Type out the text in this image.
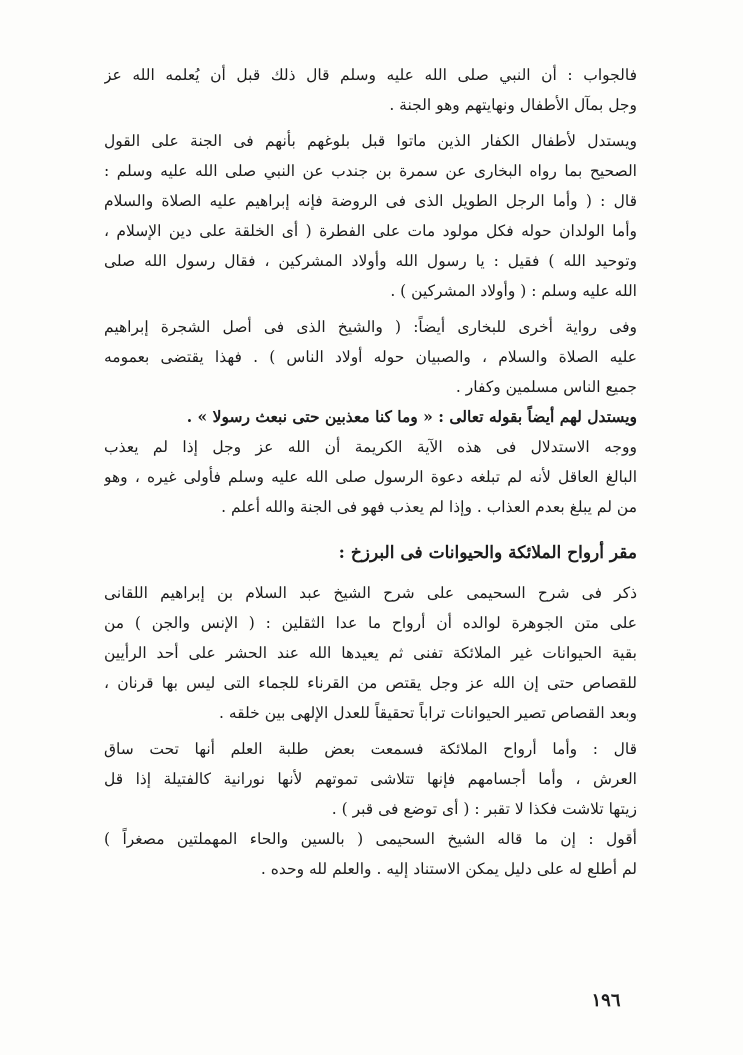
فالجواب : أن النبي صلى الله عليه وسلم قال ذلك قبل أن يُعلمه الله عز
وجل بمآل الأطفال ونهايتهم وهو الجنة .
ويستدل لأطفال الكفار الذين ماتوا قبل بلوغهم بأنهم فى الجنة على القول
الصحيح بما رواه البخارى عن سمرة بن جندب عن النبي صلى الله عليه وسلم :
قال : ( وأما الرجل الطويل الذى فى الروضة فإنه إبراهيم عليه الصلاة والسلام
وأما الولدان حوله فكل مولود مات على الفطرة ( أى الخلقة على دين الإسلام ،
وتوحيد الله ) فقيل : يا رسول الله وأولاد المشركين ، فقال رسول الله صلى
الله عليه وسلم : ( وأولاد المشركين ) .
وفى رواية أخرى للبخارى أيضاً: ( والشيخ الذى فى أصل الشجرة إبراهيم
عليه الصلاة والسلام ، والصبيان حوله أولاد الناس ) . فهذا يقتضى بعمومه
جميع الناس مسلمين وكفار .
ويستدل لهم أيضاً بقوله تعالى : « وما كنا معذبين حتى نبعث رسولا » .
ووجه الاستدلال فى هذه الآية الكريمة أن الله عز وجل إذا لم يعذب
البالغ العاقل لأنه لم تبلغه دعوة الرسول صلى الله عليه وسلم فأولى غيره ، وهو
من لم يبلغ بعدم العذاب . وإذا لم يعذب فهو فى الجنة والله أعلم .
مقر أرواح الملائكة والحيوانات فى البرزخ :
ذكر فى شرح السحيمى على شرح الشيخ عبد السلام بن إبراهيم اللقانى
على متن الجوهرة لوالده أن أرواح ما عدا الثقلين : ( الإنس والجن ) من
بقية الحيوانات غير الملائكة تفنى ثم يعيدها الله عند الحشر على أحد الرأيين
للقصاص حتى إن الله عز وجل يقتص من القرناء للجماء التى ليس بها قرنان ،
وبعد القصاص تصير الحيوانات تراباً تحقيقاً للعدل الإلهى بين خلقه .
قال : وأما أرواح الملائكة فسمعت بعض طلبة العلم أنها تحت ساق
العرش ، وأما أجسامهم فإنها تتلاشى تموتهم لأنها نورانية كالفتيلة إذا قل
زيتها تلاشت فكذا لا تقبر : ( أى توضع فى قبر ) .
أقول : إن ما قاله الشيخ السحيمى ( بالسين والحاء المهملتين مصغراً )
لم أطلع له على دليل يمكن الاستناد إليه . والعلم لله وحده .
١٩٦
